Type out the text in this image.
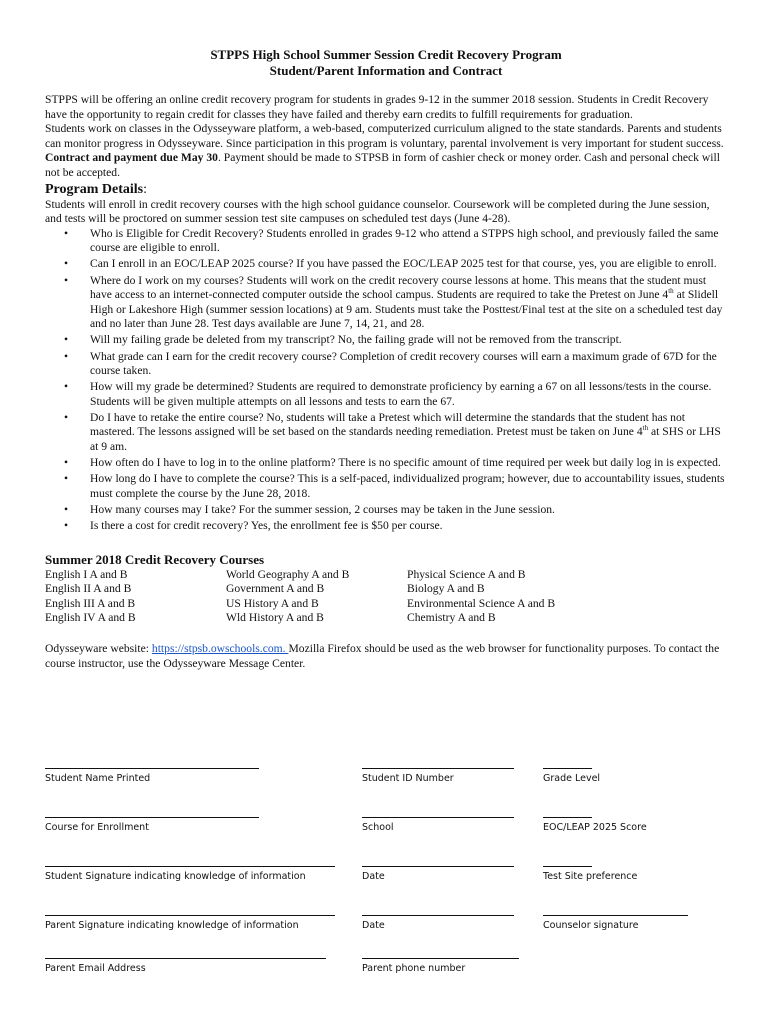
STPPS High School Summer Session Credit Recovery Program
Student/Parent Information and Contract

STPPS will be offering an online credit recovery program for students in grades 9-12 in the summer 2018 session. Students in Credit Recovery have the opportunity to regain credit for classes they have failed and thereby earn credits to fulfill requirements for graduation.

Students work on classes in the Odysseyware platform, a web-based, computerized curriculum aligned to the state standards. Parents and students can monitor progress in Odysseyware. Since participation in this program is voluntary, parental involvement is very important for student success.

Contract and payment due May 30. Payment should be made to STPSB in form of cashier check or money order. Cash and personal check will not be accepted.

Program Details:

Students will enroll in credit recovery courses with the high school guidance counselor. Coursework will be completed during the June session, and tests will be proctored on summer session test site campuses on scheduled test days (June 4-28).

• Who is Eligible for Credit Recovery? Students enrolled in grades 9-12 who attend a STPPS high school, and previously failed the same course are eligible to enroll.
• Can I enroll in an EOC/LEAP 2025 course? If you have passed the EOC/LEAP 2025 test for that course, yes, you are eligible to enroll.
• Where do I work on my courses? Students will work on the credit recovery course lessons at home. This means that the student must have access to an internet-connected computer outside the school campus. Students are required to take the Pretest on June 4th at Slidell High or Lakeshore High (summer session locations) at 9 am. Students must take the Posttest/Final test at the site on a scheduled test day and no later than June 28. Test days available are June 7, 14, 21, and 28.
• Will my failing grade be deleted from my transcript? No, the failing grade will not be removed from the transcript.
• What grade can I earn for the credit recovery course? Completion of credit recovery courses will earn a maximum grade of 67D for the course taken.
• How will my grade be determined? Students are required to demonstrate proficiency by earning a 67 on all lessons/tests in the course. Students will be given multiple attempts on all lessons and tests to earn the 67.
• Do I have to retake the entire course? No, students will take a Pretest which will determine the standards that the student has not mastered. The lessons assigned will be set based on the standards needing remediation. Pretest must be taken on June 4th at SHS or LHS at 9 am.
• How often do I have to log in to the online platform? There is no specific amount of time required per week but daily log in is expected.
• How long do I have to complete the course? This is a self-paced, individualized program; however, due to accountability issues, students must complete the course by the June 28, 2018.
• How many courses may I take? For the summer session, 2 courses may be taken in the June session.
• Is there a cost for credit recovery? Yes, the enrollment fee is $50 per course.
Summer 2018 Credit Recovery Courses
English I A and B	World Geography A and B	Physical Science A and B
English II A and B	Government A and B	Biology A and B
English III A and B	US History A and B	Environmental Science A and B
English IV A and B	Wld History A and B	Chemistry A and B

Odysseyware website: https://stpsb.owschools.com. Mozilla Firefox should be used as the web browser for functionality purposes. To contact the course instructor, use the Odysseyware Message Center.

Student Name Printed	Student ID Number	Grade Level
Course for Enrollment	School	EOC/LEAP 2025 Score
Student Signature indicating knowledge of information	Date	Test Site preference
Parent Signature indicating knowledge of information	Date	Counselor signature
Parent Email Address	Parent phone number
